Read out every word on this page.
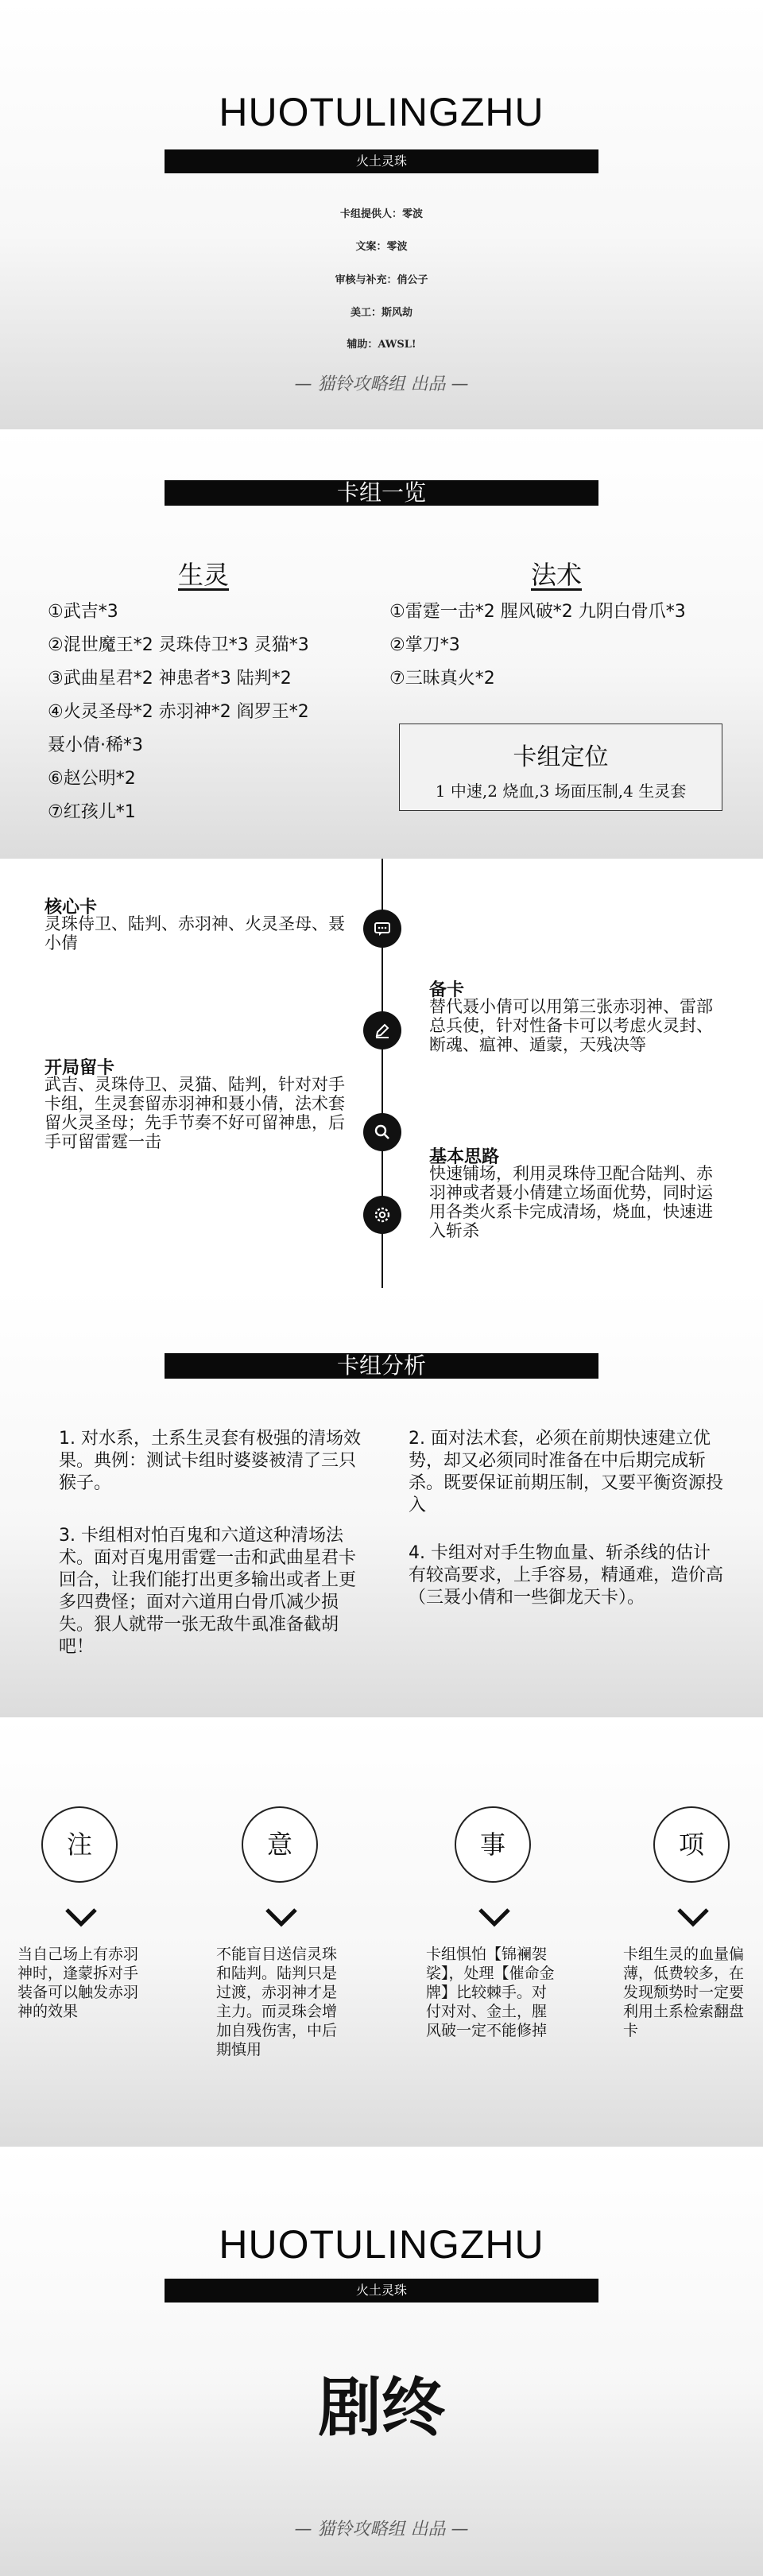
HUOTULINGZHU
火土灵珠
卡组提供人：零波
文案：零波
审核与补充：俏公子
美工：斯风劫
辅助：AWSL!
— 猫铃攻略组 出品 —
卡组一览
生灵	法术
①武吉*3
②混世魔王*2 灵珠侍卫*3 灵猫*3
③武曲星君*2 神患者*3 陆判*2
④火灵圣母*2 赤羽神*2 阎罗王*2
聂小倩·稀*3
⑥赵公明*2
⑦红孩儿*1
①雷霆一击*2 腥风破*2 九阴白骨爪*3
②掌刀*3
⑦三昧真火*2
卡组定位
1 中速,2 烧血,3 场面压制,4 生灵套
核心卡
灵珠侍卫、陆判、赤羽神、火灵圣母、聂小倩
备卡
替代聂小倩可以用第三张赤羽神、雷部总兵使，针对性备卡可以考虑火灵封、断魂、瘟神、遁蒙，天残决等
开局留卡
武吉、灵珠侍卫、灵猫、陆判，针对对手卡组，生灵套留赤羽神和聂小倩，法术套留火灵圣母；先手节奏不好可留神患，后手可留雷霆一击
基本思路
快速铺场，利用灵珠侍卫配合陆判、赤羽神或者聂小倩建立场面优势，同时运用各类火系卡完成清场，烧血，快速进入斩杀
卡组分析
1. 对水系，土系生灵套有极强的清场效果。典例：测试卡组时婆婆被清了三只猴子。
2. 面对法术套，必须在前期快速建立优势，却又必须同时准备在中后期完成斩杀。既要保证前期压制，又要平衡资源投入
3. 卡组相对怕百鬼和六道这种清场法术。面对百鬼用雷霆一击和武曲星君卡回合，让我们能打出更多输出或者上更多四费怪；面对六道用白骨爪减少损失。狠人就带一张无敌牛虱准备截胡吧！
4. 卡组对对手生物血量、斩杀线的估计有较高要求，上手容易，精通难，造价高（三聂小倩和一些御龙天卡）。
注	意	事	项
当自己场上有赤羽神时，逢蒙拆对手装备可以触发赤羽神的效果
不能盲目送信灵珠和陆判。陆判只是过渡，赤羽神才是主力。而灵珠会增加自残伤害，中后期慎用
卡组惧怕【锦襕袈裟】，处理【催命金牌】比较棘手。对付对对、金土，腥风破一定不能修掉
卡组生灵的血量偏薄，低费较多，在发现颓势时一定要利用土系检索翻盘卡
HUOTULINGZHU
火土灵珠
剧终
— 猫铃攻略组 出品 —
